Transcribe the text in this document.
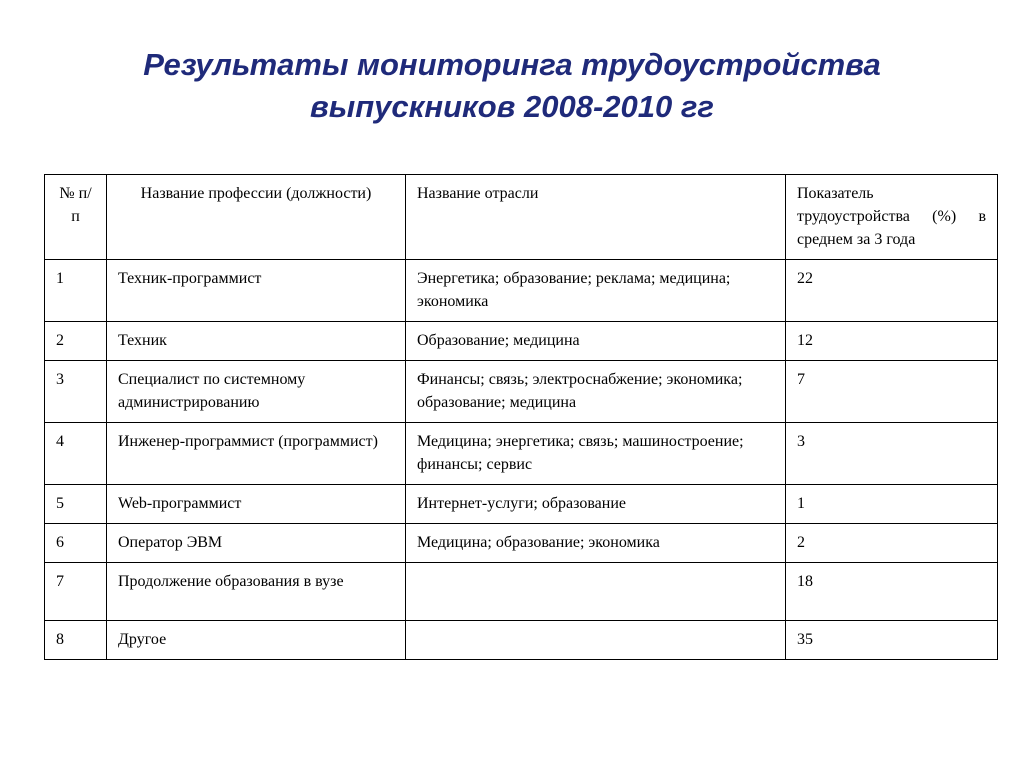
Результаты мониторинга трудоустройства
выпускников 2008-2010 гг
№ п/п	Название профессии (должности)	Название отрасли	Показатель трудоустройства (%) в среднем за 3 года
1	Техник-программист	Энергетика; образование; реклама; медицина; экономика	22
2	Техник	Образование; медицина	12
3	Специалист по системному администрированию	Финансы; связь; электроснабжение; экономика; образование; медицина	7
4	Инженер-программист (программист)	Медицина; энергетика; связь; машиностроение; финансы; сервис	3
5	Web-программист	Интернет-услуги; образование	1
6	Оператор ЭВМ	Медицина; образование; экономика	2
7	Продолжение образования в вузе		18
8	Другое		35
